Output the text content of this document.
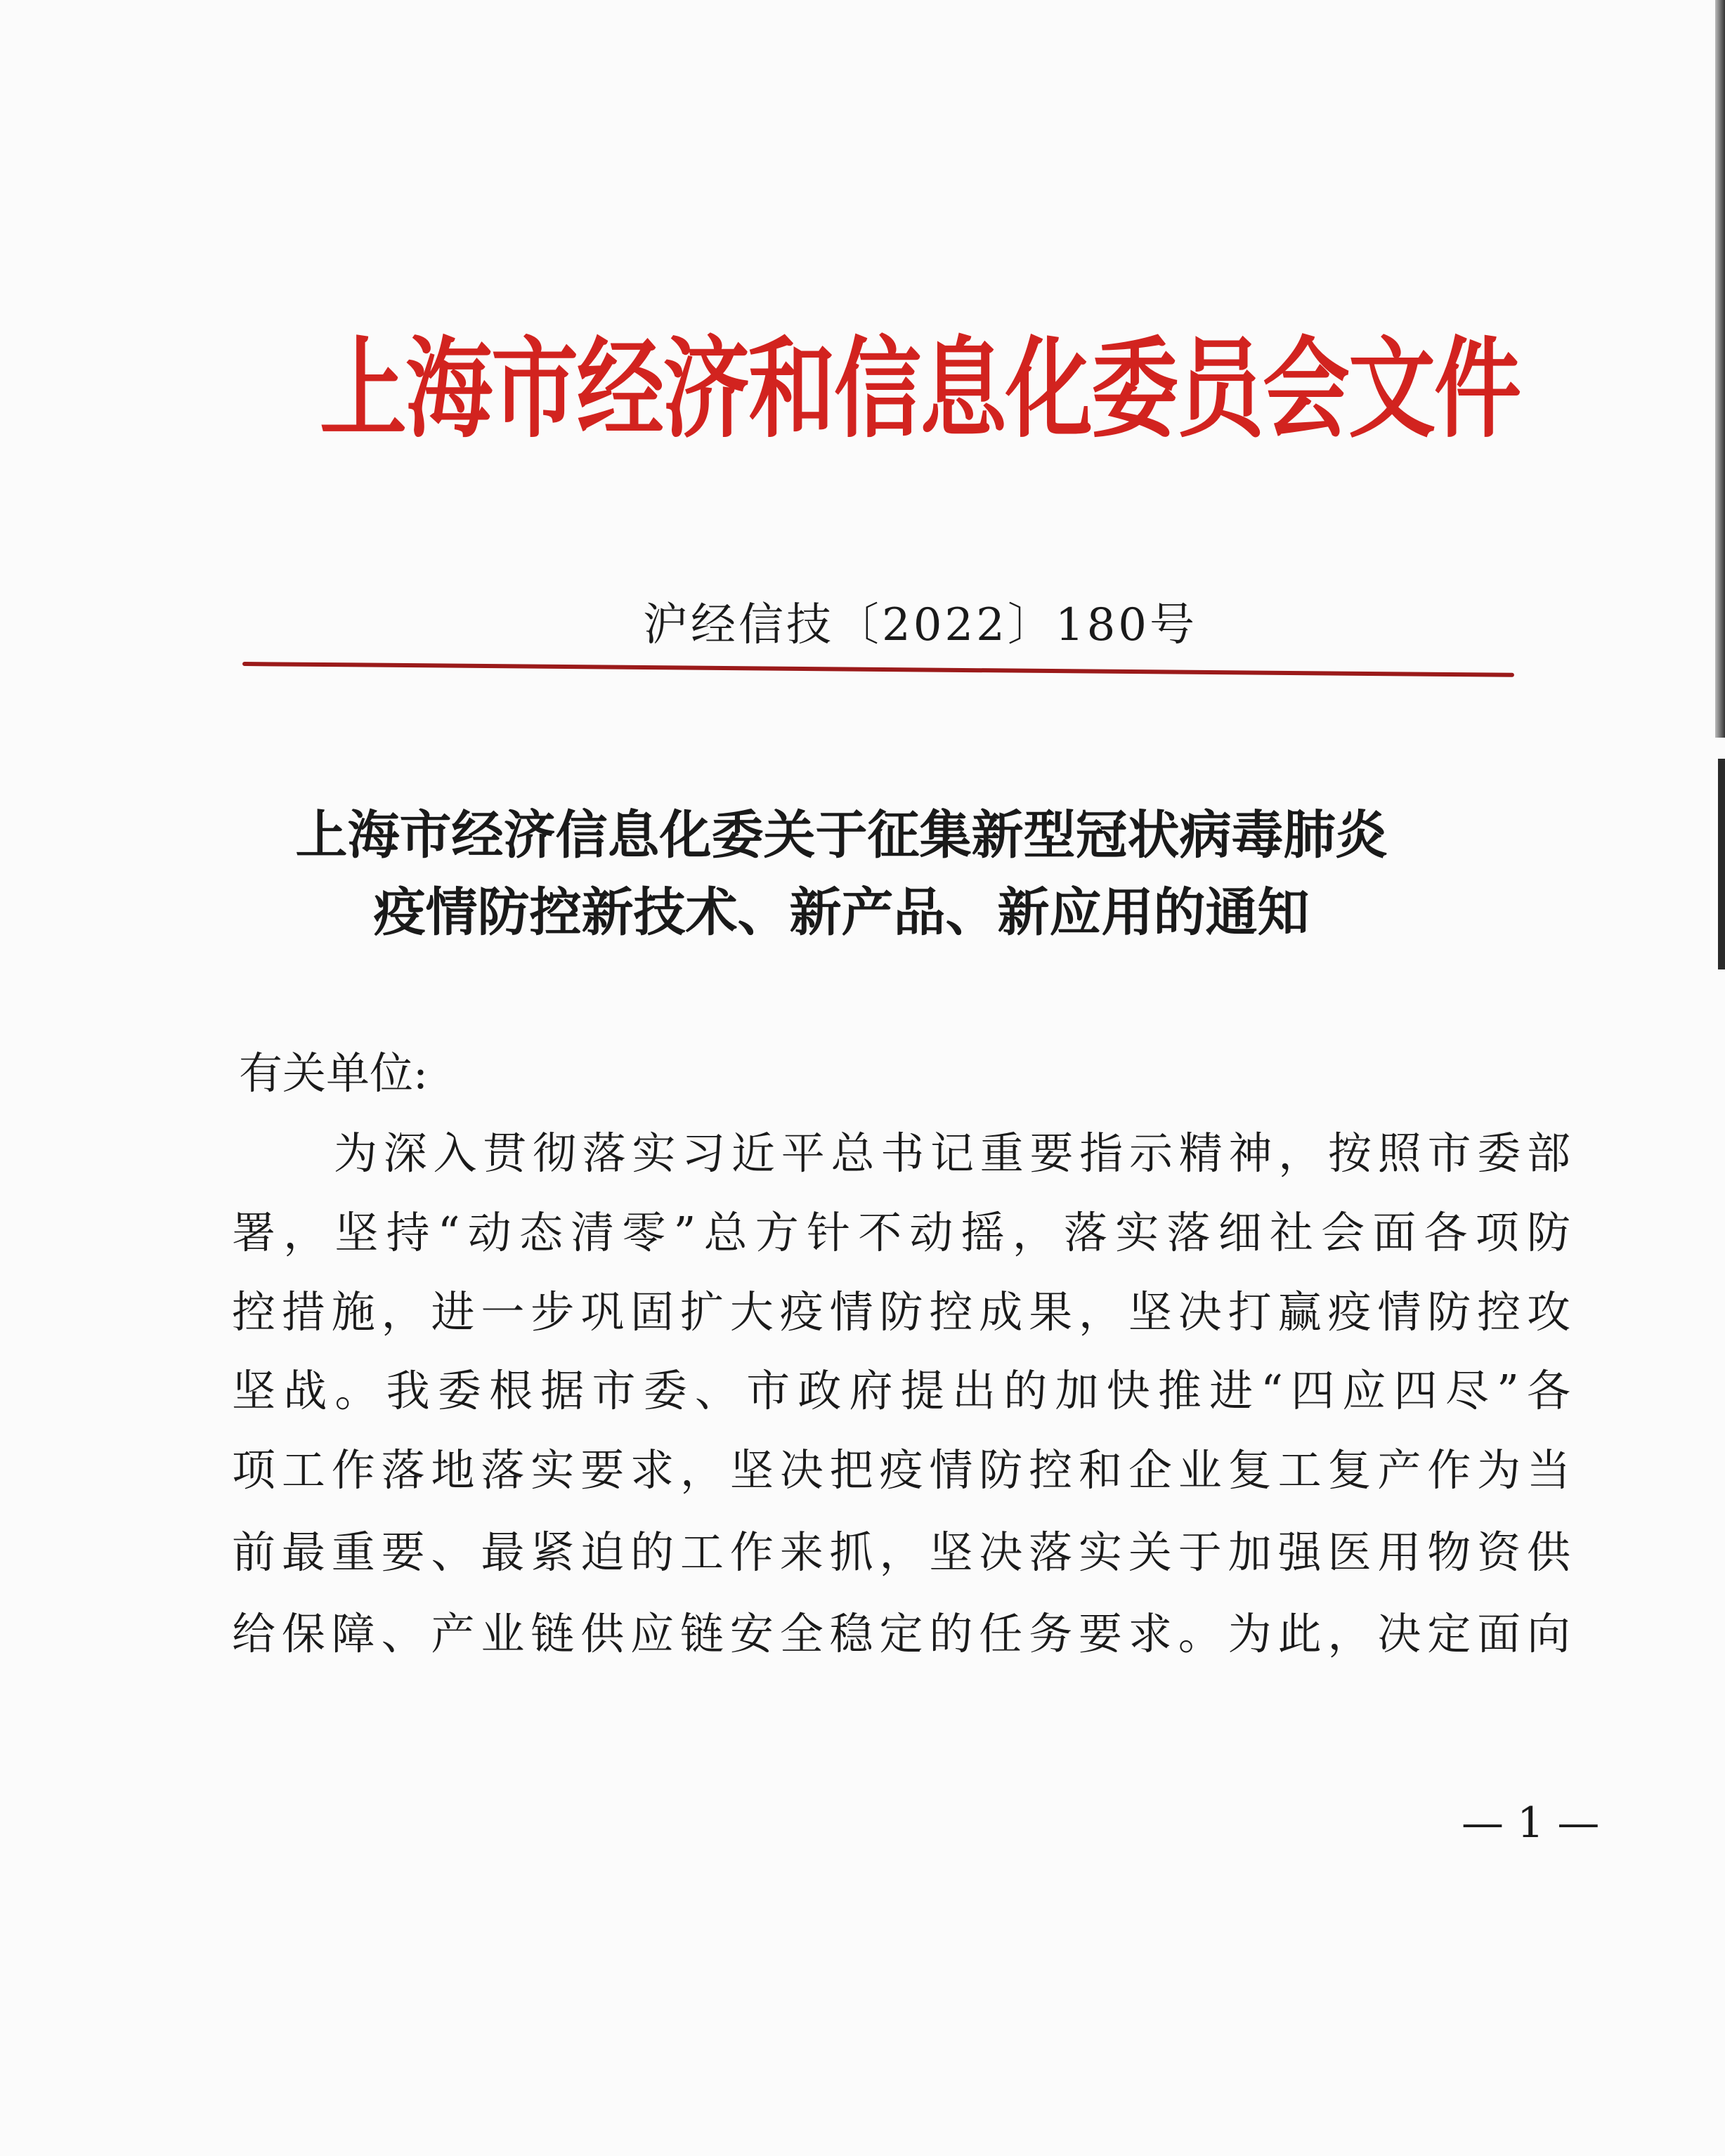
上海市经济和信息化委员会文件
沪经信技〔2022〕180号
上海市经济信息化委关于征集新型冠状病毒肺炎
疫情防控新技术、新产品、新应用的通知
有关单位:
为深入贯彻落实习近平总书记重要指示精神，按照市委部
署，坚持“动态清零”总方针不动摇，落实落细社会面各项防
控措施，进一步巩固扩大疫情防控成果，坚决打赢疫情防控攻
坚战。我委根据市委、市政府提出的加快推进“四应四尽”各
项工作落地落实要求，坚决把疫情防控和企业复工复产作为当
前最重要、最紧迫的工作来抓，坚决落实关于加强医用物资供
给保障、产业链供应链安全稳定的任务要求。为此，决定面向
— 1 —
